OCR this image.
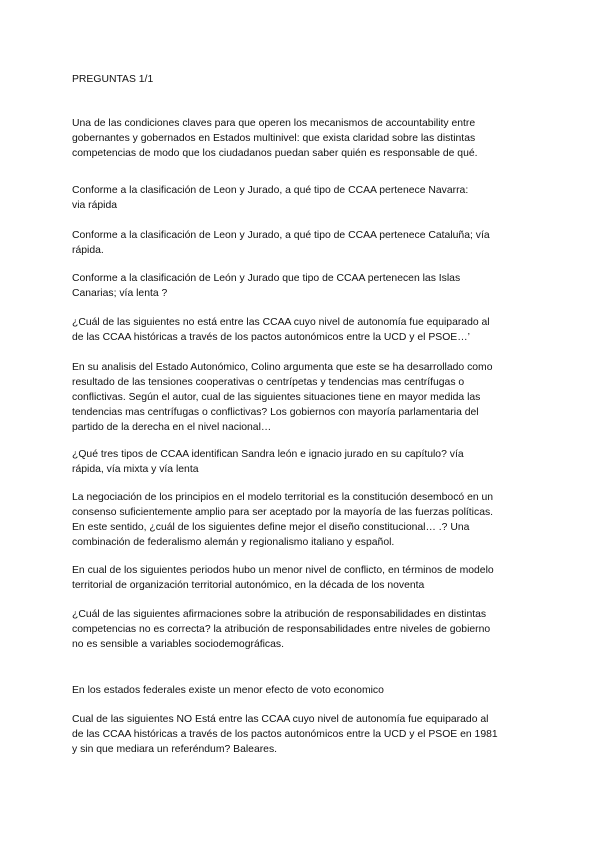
PREGUNTAS 1/1
Una de las condiciones claves para que operen los mecanismos de accountability entre
gobernantes y gobernados en Estados multinivel: que exista claridad sobre las distintas
competencias de modo que los ciudadanos puedan saber quién es responsable de qué.
Conforme a la clasificación de Leon y Jurado, a qué tipo de CCAA pertenece Navarra:
via rápida
Conforme a la clasificación de Leon y Jurado, a qué tipo de CCAA pertenece Cataluña; vía
rápida.
Conforme a la clasificación de León y Jurado que tipo de CCAA pertenecen las Islas
Canarias; vía lenta ?
¿Cuál de las siguientes no está entre las CCAA cuyo nivel de autonomía fue equiparado al
de las CCAA históricas a través de los pactos autonómicos entre la UCD y el PSOE…’
En su analisis del Estado Autonómico, Colino argumenta que este se ha desarrollado como
resultado de las tensiones cooperativas o centrípetas y tendencias mas centrífugas o
conflictivas. Según el autor, cual de las siguientes situaciones tiene en mayor medida las
tendencias mas centrífugas o conflictivas? Los gobiernos con mayoría parlamentaria del
partido de la derecha en el nivel nacional…
¿Qué tres tipos de CCAA identifican Sandra león e ignacio jurado en su capítulo? vía
rápida, vía mixta y vía lenta
La negociación de los principios en el modelo territorial es la constitución desembocó en un
consenso suficientemente amplio para ser aceptado por la mayoría de las fuerzas políticas.
En este sentido, ¿cuál de los siguientes define mejor el diseño constitucional… .? Una
combinación de federalismo alemán y regionalismo italiano y español.
En cual de los siguientes periodos hubo un menor nivel de conflicto, en términos de modelo
territorial de organización territorial autonómico, en la década de los noventa
¿Cuál de las siguientes afirmaciones sobre la atribución de responsabilidades en distintas
competencias no es correcta? la atribución de responsabilidades entre niveles de gobierno
no es sensible a variables sociodemográficas.
En los estados federales existe un menor efecto de voto economico
Cual de las siguientes NO Está entre las CCAA cuyo nivel de autonomía fue equiparado al
de las CCAA históricas a través de los pactos autonómicos entre la UCD y el PSOE en 1981
y sin que mediara un referéndum? Baleares.
